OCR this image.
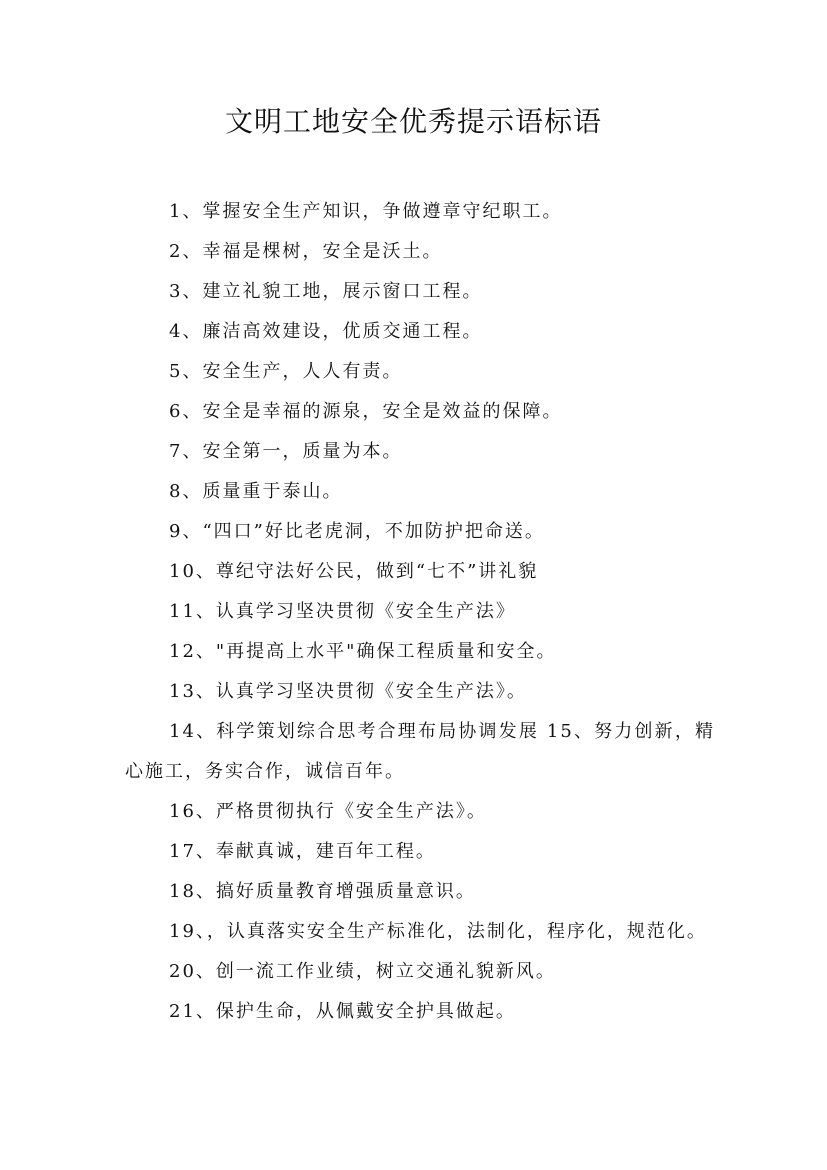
文明工地安全优秀提示语标语
1、掌握安全生产知识，争做遵章守纪职工。
2、幸福是棵树，安全是沃土。
3、建立礼貌工地，展示窗口工程。
4、廉洁高效建设，优质交通工程。
5、安全生产，人人有责。
6、安全是幸福的源泉，安全是效益的保障。
7、安全第一，质量为本。
8、质量重于泰山。
9、“四口”好比老虎洞，不加防护把命送。
10、尊纪守法好公民，做到“七不”讲礼貌
11、认真学习坚决贯彻《安全生产法》
12、"再提高上水平"确保工程质量和安全。
13、认真学习坚决贯彻《安全生产法》。
14、科学策划综合思考合理布局协调发展 15、努力创新，精心施工，务实合作，诚信百年。
16、严格贯彻执行《安全生产法》。
17、奉献真诚，建百年工程。
18、搞好质量教育增强质量意识。
19、，认真落实安全生产标准化，法制化，程序化，规范化。
20、创一流工作业绩，树立交通礼貌新风。
21、保护生命，从佩戴安全护具做起。
